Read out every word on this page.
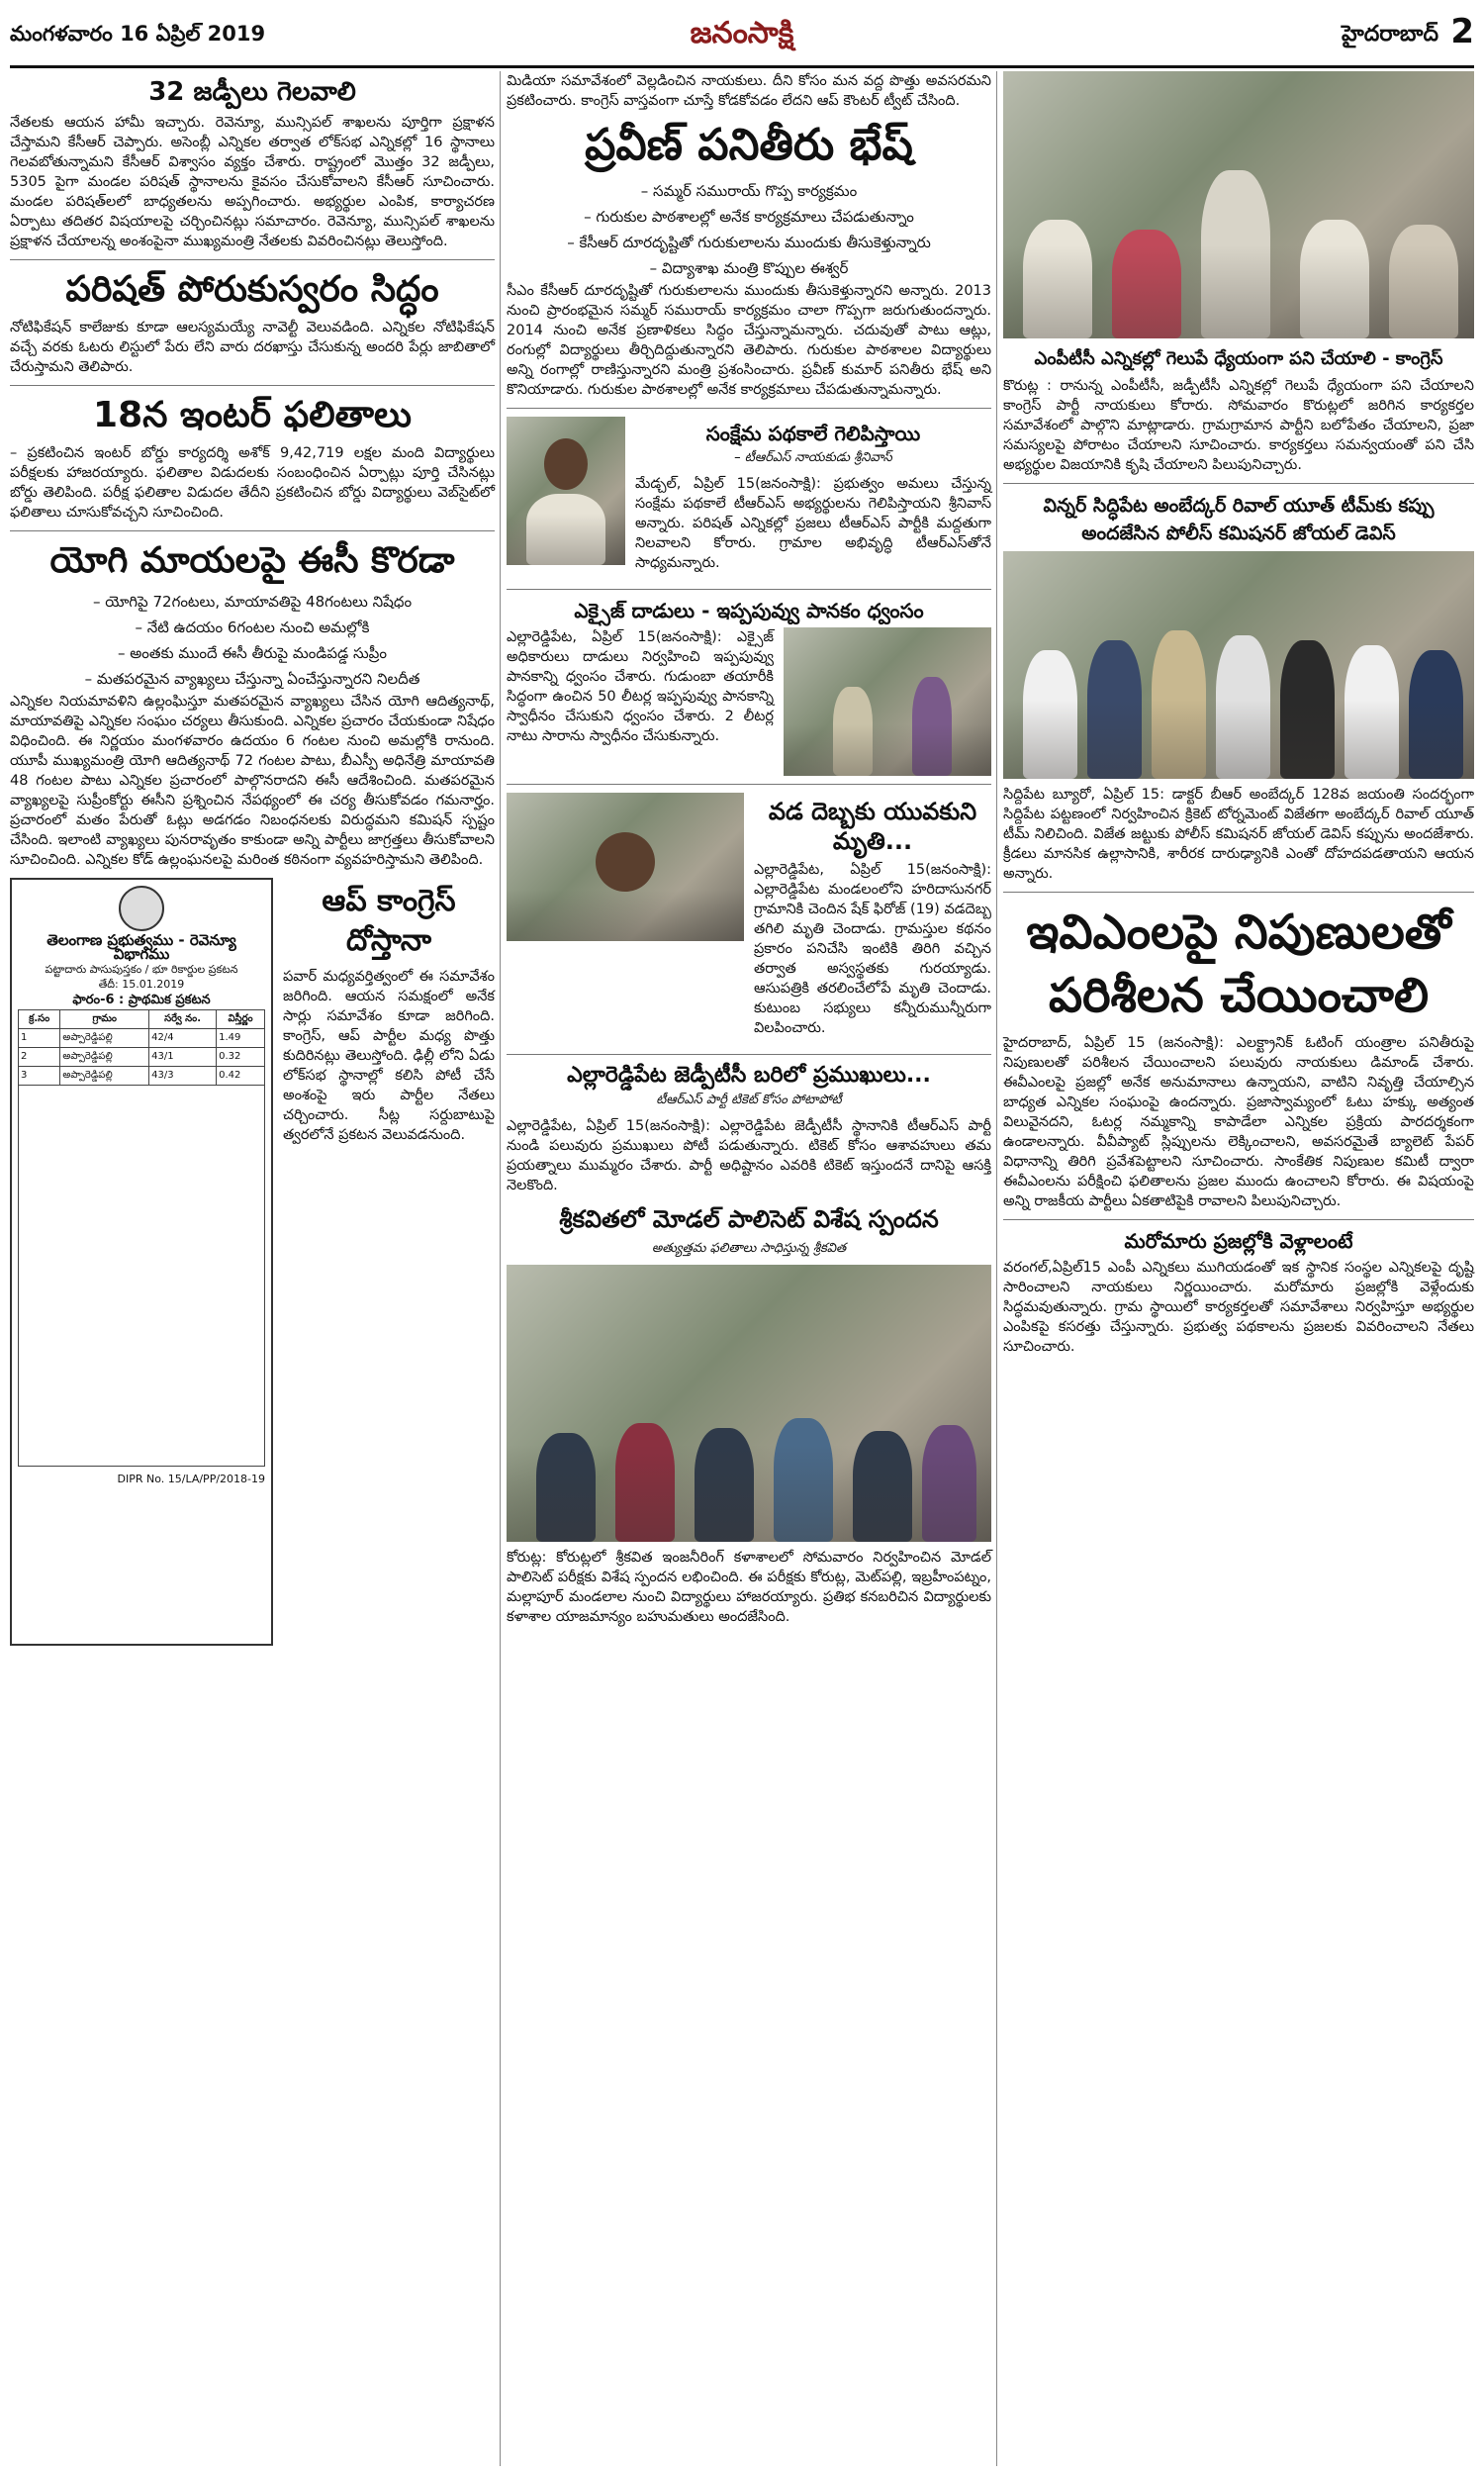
మంగళవారం 16 ఏప్రిల్ 2019	జనంసాక్షి	హైదరాబాద్ 2
32 జడ్పీలు గెలవాలి

నేతలకు ఆయన హామీ ఇచ్చారు. రెవెన్యూ, మున్సిపల్ శాఖలను పూర్తిగా ప్రక్షాళన చేస్తామని కేసీఆర్ చెప్పారు. అసెంబ్లీ ఎన్నికల తర్వాత లోక్‌సభ ఎన్నికల్లో 16 స్థానాలు గెలవబోతున్నామని కేసీఆర్ విశ్వాసం వ్యక్తం చేశారు. రాష్ట్రంలో మొత్తం 32 జడ్పీలు, 5305 పైగా మండల పరిషత్ స్థానాలను కైవసం చేసుకోవాలని కేసీఆర్ సూచించారు. మండల పరిషత్‌లలో బాధ్యతలను అప్పగించారు. అభ్యర్థుల ఎంపిక, కార్యాచరణ ఏర్పాటు తదితర విషయాలపై చర్చించినట్లు సమాచారం. రెవెన్యూ, మున్సిపల్ శాఖలను ప్రక్షాళన చేయాలన్న అంశంపైనా ముఖ్యమంత్రి నేతలకు వివరించినట్లు తెలుస్తోంది.

పరిషత్ పోరుకుస్వరం సిద్ధం

నోటిఫికేషన్ కాలేజుకు కూడా ఆలస్యమయ్యే నావెల్టీ వెలువడింది. ఎన్నికల నోటిఫికేషన్ వచ్చే వరకు ఓటరు లిస్టులో పేరు లేని వారు దరఖాస్తు చేసుకున్న అందరి పేర్లు జాబితాలో చేరుస్తామని తెలిపారు.

18న ఇంటర్ ఫలితాలు

– ప్రకటించిన ఇంటర్ బోర్డు కార్యదర్శి అశోక్ 9,42,719 లక్షల మంది విద్యార్థులు పరీక్షలకు హాజరయ్యారు. ఫలితాల విడుదలకు సంబంధించిన ఏర్పాట్లు పూర్తి చేసినట్లు బోర్డు తెలిపింది. పరీక్ష ఫలితాల విడుదల తేదీని ప్రకటించిన బోర్డు విద్యార్థులు వెబ్‌సైట్‌లో ఫలితాలు చూసుకోవచ్చని సూచించింది.

యోగి మాయలపై ఈసీ కొరడా

– యోగిపై 72గంటలు, మాయావతిపై 48గంటలు నిషేధం

– నేటి ఉదయం 6గంటల నుంచి అమల్లోకి

– అంతకు ముందే ఈసీ తీరుపై మండిపడ్డ సుప్రీం

– మతపరమైన వ్యాఖ్యలు చేస్తున్నా ఏంచేస్తున్నారని నిలదీత

ఎన్నికల నియమావళిని ఉల్లంఘిస్తూ మతపరమైన వ్యాఖ్యలు చేసిన యోగి ఆదిత్యనాథ్, మాయావతిపై ఎన్నికల సంఘం చర్యలు తీసుకుంది. ఎన్నికల ప్రచారం చేయకుండా నిషేధం విధించింది. ఈ నిర్ణయం మంగళవారం ఉదయం 6 గంటల నుంచి అమల్లోకి రానుంది. యూపీ ముఖ్యమంత్రి యోగి ఆదిత్యనాథ్ 72 గంటల పాటు, బీఎస్పీ అధినేత్రి మాయావతి 48 గంటల పాటు ఎన్నికల ప్రచారంలో పాల్గొనరాదని ఈసీ ఆదేశించింది. మతపరమైన వ్యాఖ్యలపై సుప్రీంకోర్టు ఈసీని ప్రశ్నించిన నేపథ్యంలో ఈ చర్య తీసుకోవడం గమనార్హం. ప్రచారంలో మతం పేరుతో ఓట్లు అడగడం నిబంధనలకు విరుద్ధమని కమిషన్ స్పష్టం చేసింది. ఇలాంటి వ్యాఖ్యలు పునరావృతం కాకుండా అన్ని పార్టీలు జాగ్రత్తలు తీసుకోవాలని సూచించింది. ఎన్నికల కోడ్ ఉల్లంఘనలపై మరింత కఠినంగా వ్యవహరిస్తామని తెలిపింది.

తెలంగాణ ప్రభుత్వము - రెవెన్యూ విభాగము
పట్టాదారు పాసుపుస్తకం / భూ రికార్డుల ప్రకటన
తేదీ: 15.01.2019
ఫారం-6 : ప్రాథమిక ప్రకటన
క్ర.సం	గ్రామం	సర్వే నం.	విస్తీర్ణం
1	అప్పారెడ్డిపల్లి	42/4	1.49
2	అప్పారెడ్డిపల్లి	43/1	0.32
3	అప్పారెడ్డిపల్లి	43/3	0.42

DIPR No. 15/LA/PP/2018-19
ఆప్ కాంగ్రెస్ దోస్తానా

పవార్ మధ్యవర్తిత్వంలో ఈ సమావేశం జరిగింది. ఆయన సమక్షంలో అనేక సార్లు సమావేశం కూడా జరిగింది. కాంగ్రెస్, ఆప్ పార్టీల మధ్య పొత్తు కుదిరినట్లు తెలుస్తోంది. ఢిల్లీ లోని ఏడు లోక్‌సభ స్థానాల్లో కలిసి పోటీ చేసే అంశంపై ఇరు పార్టీల నేతలు చర్చించారు. సీట్ల సర్దుబాటుపై త్వరలోనే ప్రకటన వెలువడనుంది.

మిడియా సమావేశంలో వెల్లడించిన నాయకులు. దీని కోసం మన వద్ద పొత్తు అవసరమని ప్రకటించారు. కాంగ్రెస్ వాస్తవంగా చూస్తే కోడకోవడం లేదని ఆప్ కౌంటర్ ట్వీట్ చేసింది.

ప్రవీణ్ పనితీరు భేష్

– సమ్మర్ సమురాయ్ గొప్ప కార్యక్రమం

– గురుకుల పాఠశాలల్లో అనేక కార్యక్రమాలు చేపడుతున్నాం

– కేసీఆర్ దూరదృష్టితో గురుకులాలను ముందుకు తీసుకెళ్తున్నారు

– విద్యాశాఖ మంత్రి కొప్పుల ఈశ్వర్

సీఎం కేసీఆర్ దూరదృష్టితో గురుకులాలను ముందుకు తీసుకెళ్తున్నారని అన్నారు. 2013 నుంచి ప్రారంభమైన సమ్మర్ సమురాయ్ కార్యక్రమం చాలా గొప్పగా జరుగుతుందన్నారు. 2014 నుంచి అనేక ప్రణాళికలు సిద్ధం చేస్తున్నామన్నారు. చదువుతో పాటు ఆట్లు, రంగుల్లో విద్యార్థులు తీర్చిదిద్దుతున్నారని తెలిపారు. గురుకుల పాఠశాలల విద్యార్థులు అన్ని రంగాల్లో రాణిస్తున్నారని మంత్రి ప్రశంసించారు. ప్రవీణ్ కుమార్ పనితీరు భేష్ అని కొనియాడారు. గురుకుల పాఠశాలల్లో అనేక కార్యక్రమాలు చేపడుతున్నామన్నారు.

సంక్షేమ పథకాలే గెలిపిస్తాయి
– టీఆర్ఎస్ నాయకుడు శ్రీనివాస్

మేడ్చల్, ఏప్రిల్ 15(జనంసాక్షి): ప్రభుత్వం అమలు చేస్తున్న సంక్షేమ పథకాలే టీఆర్ఎస్ అభ్యర్థులను గెలిపిస్తాయని శ్రీనివాస్ అన్నారు. పరిషత్ ఎన్నికల్లో ప్రజలు టీఆర్ఎస్ పార్టీకి మద్దతుగా నిలవాలని కోరారు. గ్రామాల అభివృద్ధి టీఆర్ఎస్‌తోనే సాధ్యమన్నారు.

ఎక్సైజ్ దాడులు - ఇప్పపువ్వు పానకం ధ్వంసం

ఎల్లారెడ్డిపేట, ఏప్రిల్ 15(జనంసాక్షి): ఎక్సైజ్ అధికారులు దాడులు నిర్వహించి ఇప్పపువ్వు పానకాన్ని ధ్వంసం చేశారు. గుడుంబా తయారీకి సిద్ధంగా ఉంచిన 50 లీటర్ల ఇప్పపువ్వు పానకాన్ని స్వాధీనం చేసుకుని ధ్వంసం చేశారు. 2 లీటర్ల నాటు సారాను స్వాధీనం చేసుకున్నారు.

వడ దెబ్బకు యువకుని మృతి...

ఎల్లారెడ్డిపేట, ఏప్రిల్ 15(జనంసాక్షి): ఎల్లారెడ్డిపేట మండలంలోని హరిదాసునగర్ గ్రామానికి చెందిన షేక్ ఫిరోజ్ (19) వడదెబ్బ తగిలి మృతి చెందాడు. గ్రామస్తుల కథనం ప్రకారం పనిచేసి ఇంటికి తిరిగి వచ్చిన తర్వాత అస్వస్థతకు గురయ్యాడు. ఆసుపత్రికి తరలించేలోపే మృతి చెందాడు. కుటుంబ సభ్యులు కన్నీరుమున్నీరుగా విలపించారు.

ఎల్లారెడ్డిపేట జెడ్పీటీసీ బరిలో ప్రముఖులు...
టీఆర్ఎస్ పార్టీ టికెట్ కోసం పోటాపోటీ

ఎల్లారెడ్డిపేట, ఏప్రిల్ 15(జనంసాక్షి): ఎల్లారెడ్డిపేట జెడ్పీటీసీ స్థానానికి టీఆర్ఎస్ పార్టీ నుండి పలువురు ప్రముఖులు పోటీ పడుతున్నారు. టికెట్ కోసం ఆశావహులు తమ ప్రయత్నాలు ముమ్మరం చేశారు. పార్టీ అధిష్టానం ఎవరికి టికెట్ ఇస్తుందనే దానిపై ఆసక్తి నెలకొంది.

శ్రీకవితలో మోడల్ పాలిసెట్ విశేష స్పందన
అత్యుత్తమ ఫలితాలు సాధిస్తున్న శ్రీకవిత

కోరుట్ల: కోరుట్లలో శ్రీకవిత ఇంజనీరింగ్ కళాశాలలో సోమవారం నిర్వహించిన మోడల్ పాలిసెట్ పరీక్షకు విశేష స్పందన లభించింది. ఈ పరీక్షకు కోరుట్ల, మెట్‌పల్లి, ఇబ్రహీంపట్నం, మల్లాపూర్ మండలాల నుంచి విద్యార్థులు హాజరయ్యారు. ప్రతిభ కనబరిచిన విద్యార్థులకు కళాశాల యాజమాన్యం బహుమతులు అందజేసింది.

ఎంపీటీసీ ఎన్నికల్లో గెలుపే ధ్యేయంగా పని చేయాలి - కాంగ్రెస్

కొరుట్ల : రానున్న ఎంపీటీసీ, జడ్పీటీసీ ఎన్నికల్లో గెలుపే ధ్యేయంగా పని చేయాలని కాంగ్రెస్ పార్టీ నాయకులు కోరారు. సోమవారం కొరుట్లలో జరిగిన కార్యకర్తల సమావేశంలో పాల్గొని మాట్లాడారు. గ్రామగ్రామాన పార్టీని బలోపేతం చేయాలని, ప్రజా సమస్యలపై పోరాటం చేయాలని సూచించారు. కార్యకర్తలు సమన్వయంతో పని చేసి అభ్యర్థుల విజయానికి కృషి చేయాలని పిలుపునిచ్చారు.

విన్నర్ సిద్ధిపేట అంబేద్కర్ రివాల్ యూత్ టీమ్‌కు కప్పు అందజేసిన పోలీస్ కమిషనర్ జోయల్ డెవిస్

సిద్దిపేట బ్యూరో, ఏప్రిల్ 15: డాక్టర్ బీఆర్ అంబేద్కర్ 128వ జయంతి సందర్భంగా సిద్దిపేట పట్టణంలో నిర్వహించిన క్రికెట్ టోర్నమెంట్ విజేతగా అంబేద్కర్ రివాల్ యూత్ టీమ్ నిలిచింది. విజేత జట్టుకు పోలీస్ కమిషనర్ జోయల్ డెవిస్ కప్పును అందజేశారు. క్రీడలు మానసిక ఉల్లాసానికి, శారీరక దారుఢ్యానికి ఎంతో దోహదపడతాయని ఆయన అన్నారు.

ఇవిఎంలపై నిపుణులతో పరిశీలన చేయించాలి

హైదరాబాద్, ఏప్రిల్ 15 (జనంసాక్షి): ఎలక్ట్రానిక్ ఓటింగ్ యంత్రాల పనితీరుపై నిపుణులతో పరిశీలన చేయించాలని పలువురు నాయకులు డిమాండ్ చేశారు. ఈవీఎంలపై ప్రజల్లో అనేక అనుమానాలు ఉన్నాయని, వాటిని నివృత్తి చేయాల్సిన బాధ్యత ఎన్నికల సంఘంపై ఉందన్నారు. ప్రజాస్వామ్యంలో ఓటు హక్కు అత్యంత విలువైనదని, ఓటర్ల నమ్మకాన్ని కాపాడేలా ఎన్నికల ప్రక్రియ పారదర్శకంగా ఉండాలన్నారు. వీవీప్యాట్ స్లిప్పులను లెక్కించాలని, అవసరమైతే బ్యాలెట్ పేపర్ విధానాన్ని తిరిగి ప్రవేశపెట్టాలని సూచించారు. సాంకేతిక నిపుణుల కమిటీ ద్వారా ఈవీఎంలను పరీక్షించి ఫలితాలను ప్రజల ముందు ఉంచాలని కోరారు. ఈ విషయంపై అన్ని రాజకీయ పార్టీలు ఏకతాటిపైకి రావాలని పిలుపునిచ్చారు.

మరోమారు ప్రజల్లోకి వెళ్లాలంటే

వరంగల్,ఏప్రిల్15 ఎంపీ ఎన్నికలు ముగియడంతో ఇక స్థానిక సంస్థల ఎన్నికలపై దృష్టి సారించాలని నాయకులు నిర్ణయించారు. మరోమారు ప్రజల్లోకి వెళ్లేందుకు సిద్ధమవుతున్నారు. గ్రామ స్థాయిలో కార్యకర్తలతో సమావేశాలు నిర్వహిస్తూ అభ్యర్థుల ఎంపికపై కసరత్తు చేస్తున్నారు. ప్రభుత్వ పథకాలను ప్రజలకు వివరించాలని నేతలు సూచించారు.
